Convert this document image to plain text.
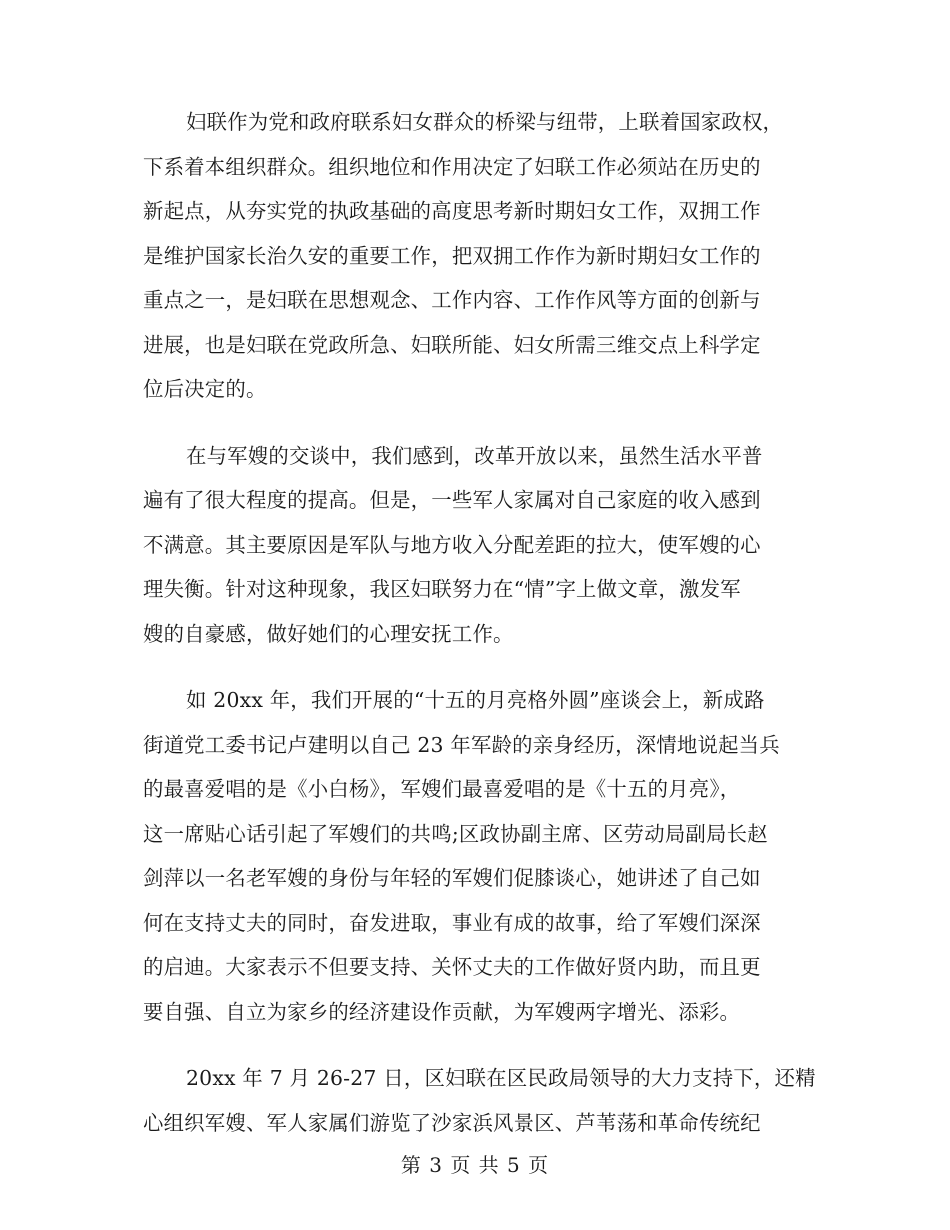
妇联作为党和政府联系妇女群众的桥梁与纽带，上联着国家政权，
下系着本组织群众。组织地位和作用决定了妇联工作必须站在历史的
新起点，从夯实党的执政基础的高度思考新时期妇女工作，双拥工作
是维护国家长治久安的重要工作，把双拥工作作为新时期妇女工作的
重点之一，是妇联在思想观念、工作内容、工作作风等方面的创新与
进展，也是妇联在党政所急、妇联所能、妇女所需三维交点上科学定
位后决定的。

在与军嫂的交谈中，我们感到，改革开放以来，虽然生活水平普
遍有了很大程度的提高。但是，一些军人家属对自己家庭的收入感到
不满意。其主要原因是军队与地方收入分配差距的拉大，使军嫂的心
理失衡。针对这种现象，我区妇联努力在“情”字上做文章，激发军
嫂的自豪感，做好她们的心理安抚工作。

如 20xx 年，我们开展的“十五的月亮格外圆”座谈会上，新成路
街道党工委书记卢建明以自己 23 年军龄的亲身经历，深情地说起当兵
的最喜爱唱的是《小白杨》，军嫂们最喜爱唱的是《十五的月亮》，
这一席贴心话引起了军嫂们的共鸣;区政协副主席、区劳动局副局长赵
剑萍以一名老军嫂的身份与年轻的军嫂们促膝谈心，她讲述了自己如
何在支持丈夫的同时，奋发进取，事业有成的故事，给了军嫂们深深
的启迪。大家表示不但要支持、关怀丈夫的工作做好贤内助，而且更
要自强、自立为家乡的经济建设作贡献，为军嫂两字增光、添彩。

20xx 年 7 月 26-27 日，区妇联在区民政局领导的大力支持下，还精
心组织军嫂、军人家属们游览了沙家浜风景区、芦苇荡和革命传统纪

第 3 页 共 5 页
